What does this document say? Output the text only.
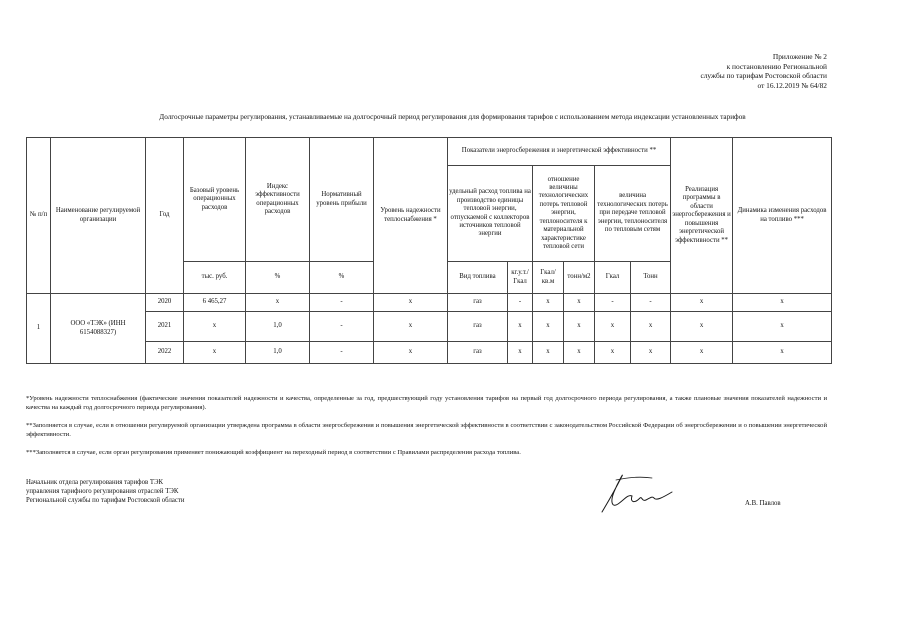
Приложение № 2
к постановлению Региональной
службы по тарифам Ростовской области
от 16.12.2019 № 64/82
Долгосрочные параметры регулирования, устанавливаемые на долгосрочный период регулирования для формирования тарифов с использованием метода индексации установленных тарифов
№ п/п	Наименование регулируемой организации	Год	Базовый уровень операционных расходов	Индекс эффективности операционных расходов	Нормативный уровень прибыли	Уровень надежности теплоснабжения *	Показатели энергосбережения и энергетической эффективности **						Реализация программы в области энергосбережения и повышения энергетической эффективности **	Динамика изменения расходов на топливо ***
							удельный расход топлива на производство единицы тепловой энергии, отпускаемой с коллекторов источников тепловой энергии		отношение величины технологических потерь тепловой энергии, теплоносителя к материальной характеристике тепловой сети		величина технологических потерь при передаче тепловой энергии, теплоносителя по тепловым сетям			
			тыс. руб.	%	%		Вид топлива	кг.у.т./Гкал	Гкал/ кв.м	тонн/м2	Гкал	Тонн		
1	ООО «ТЭК» (ИНН 6154088327)	2020	6 465,27	x	-	x	газ	-	x	x	-	-	x	x
		2021	x	1,0	-	x	газ	x	x	x	x	x	x	x
		2022	x	1,0	-	x	газ	x	x	x	x	x	x	x
*Уровень надежности теплоснабжения (фактические значения показателей надежности и качества, определенные за год, предшествующий году установления тарифов на первый год долгосрочного периода регулирования, а также плановые значения показателей надежности и качества на каждый год долгосрочного периода регулирования).
**Заполняется в случае, если в отношении регулируемой организации утверждена программа в области энергосбережения и повышения энергетической эффективности в соответствии с законодательством Российской Федерации об энергосбережении и о повышении энергетической эффективности.
***Заполняется в случае, если орган регулирования применяет понижающий коэффициент на переходный период в соответствии с Правилами распределения расхода топлива.
Начальник отдела регулирования тарифов ТЭК
управления тарифного регулирования отраслей ТЭК
Региональной службы по тарифам Ростовской области	А.В. Павлов
